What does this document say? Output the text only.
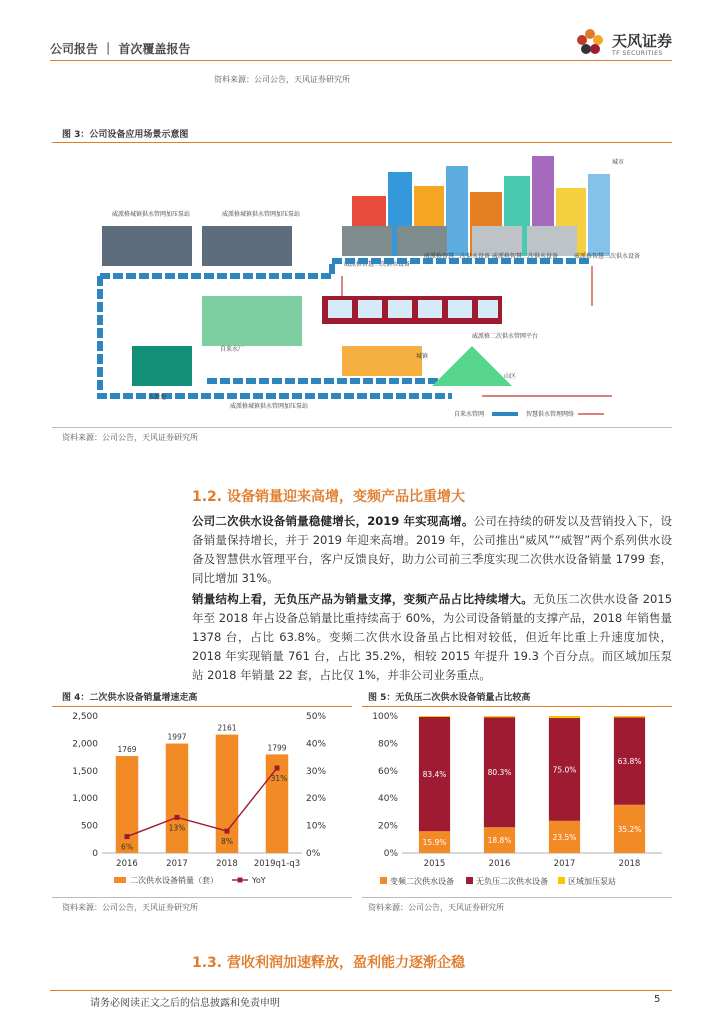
公司报告 ｜ 首次覆盖报告	天风证券
TF SECURITIES
资料来源：公司公告，天风证券研究所
图 3：公司设备应用场景示意图
城市
威派格城镇供水管网加压泵站	威派格城镇供水管网加压泵站
威派格智慧二次供水设备
威派格智慧二次供水设备 威派格智慧二次供水设备	威派格智慧二次供水设备
威派格二次供水管网平台
自来水厂
城镇
山区
水源地
威派格城镇供水管网加压泵站
自来水管网	智慧供水管理网络
资料来源：公司公告，天风证券研究所
1.2. 设备销量迎来高增，变频产品比重增大
公司二次供水设备销量稳健增长，2019 年实现高增。公司在持续的研发以及营销投入下，设备销量保持增长，并于 2019 年迎来高增。2019 年，公司推出“威风”“威智”两个系列供水设备及智慧供水管理平台，客户反馈良好，助力公司前三季度实现二次供水设备销量 1799 套，同比增加 31%。
销量结构上看，无负压产品为销量支撑，变频产品占比持续增大。无负压二次供水设备 2015 年至 2018 年占设备总销量比重持续高于 60%，为公司设备销量的支撑产品，2018 年销售量 1378 台，占比 63.8%。变频二次供水设备虽占比相对较低，但近年比重上升速度加快，2018 年实现销量 761 台，占比 35.2%，相较 2015 年提升 19.3 个百分点。而区域加压泵站 2018 年销量 22 套，占比仅 1%，并非公司业务重点。
图 4：二次供水设备销量增速走高
0
500
1,000
1,500
2,000
2,500
0%
10%
20%
30%
40%
50%
1769
2016
1997
2017
2161
2018
1799
2019q1-q3
6%
13%
8%
31%
二次供水设备销量（套）	YoY
资料来源：公司公告，天风证券研究所
图 5：无负压二次供水设备销量占比较高
0%
20%
40%
60%
80%
100%
15.9%
83.4%
2015
18.8%
80.3%
2016
23.5%
75.0%
2017
35.2%
63.8%
2018
变频二次供水设备	无负压二次供水设备	区域加压泵站
资料来源：公司公告，天风证券研究所
1.3. 营收利润加速释放，盈利能力逐渐企稳
请务必阅读正文之后的信息披露和免责申明	5
